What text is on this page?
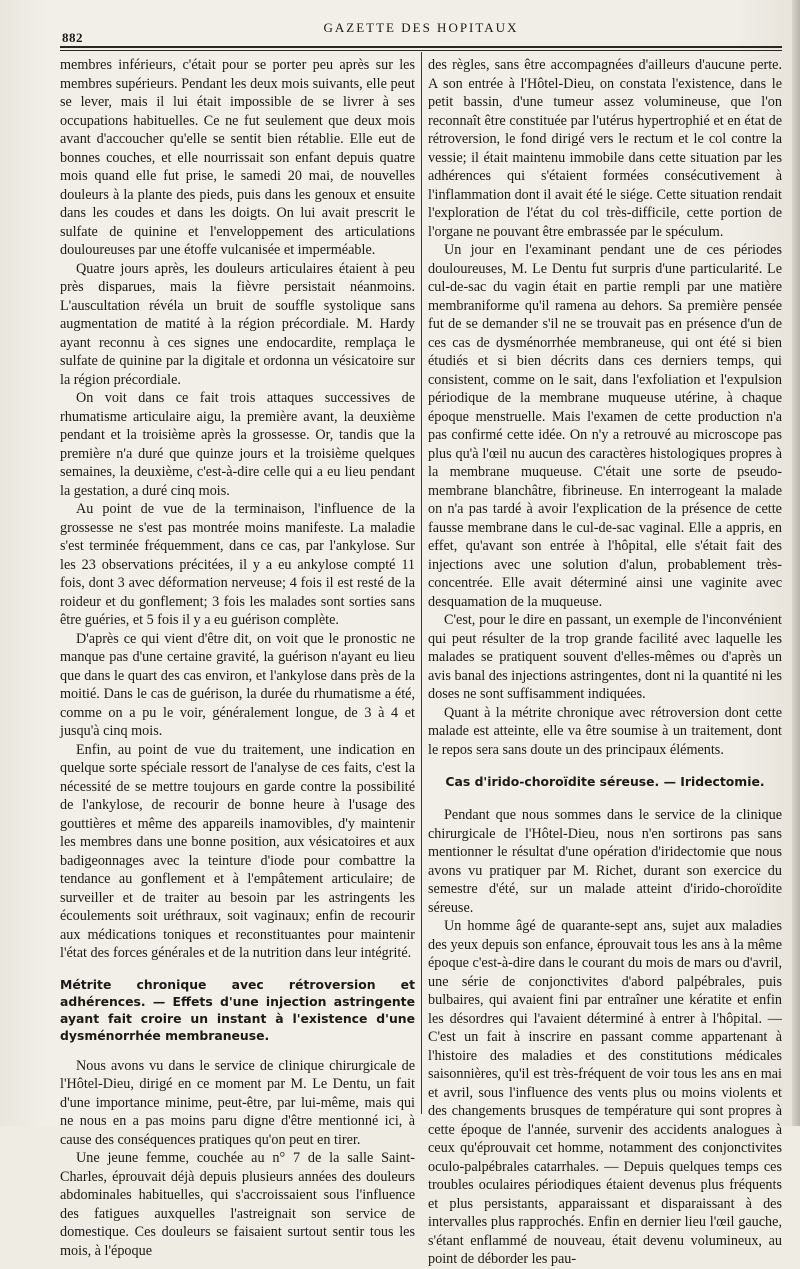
882
GAZETTE DES HOPITAUX

membres inférieurs, c'était pour se porter peu après sur les membres supérieurs. Pendant les deux mois suivants, elle peut se lever, mais il lui était impossible de se livrer à ses occupations habituelles. Ce ne fut seulement que deux mois avant d'accoucher qu'elle se sentit bien rétablie. Elle eut de bonnes couches, et elle nourrissait son enfant depuis quatre mois quand elle fut prise, le samedi 20 mai, de nouvelles douleurs à la plante des pieds, puis dans les genoux et ensuite dans les coudes et dans les doigts. On lui avait prescrit le sulfate de quinine et l'enveloppement des articulations douloureuses par une étoffe vulcanisée et imperméable.

Quatre jours après, les douleurs articulaires étaient à peu près disparues, mais la fièvre persistait néanmoins. L'auscultation révéla un bruit de souffle systolique sans augmentation de matité à la région précordiale. M. Hardy ayant reconnu à ces signes une endocardite, remplaça le sulfate de quinine par la digitale et ordonna un vésicatoire sur la région précordiale.

On voit dans ce fait trois attaques successives de rhumatisme articulaire aigu, la première avant, la deuxième pendant et la troisième après la grossesse. Or, tandis que la première n'a duré que quinze jours et la troisième quelques semaines, la deuxième, c'est-à-dire celle qui a eu lieu pendant la gestation, a duré cinq mois.

Au point de vue de la terminaison, l'influence de la grossesse ne s'est pas montrée moins manifeste. La maladie s'est terminée fréquemment, dans ce cas, par l'ankylose. Sur les 23 observations précitées, il y a eu ankylose compté 11 fois, dont 3 avec déformation nerveuse; 4 fois il est resté de la roideur et du gonflement; 3 fois les malades sont sorties sans être guéries, et 5 fois il y a eu guérison complète.

D'après ce qui vient d'être dit, on voit que le pronostic ne manque pas d'une certaine gravité, la guérison n'ayant eu lieu que dans le quart des cas environ, et l'ankylose dans près de la moitié. Dans le cas de guérison, la durée du rhumatisme a été, comme on a pu le voir, généralement longue, de 3 à 4 et jusqu'à cinq mois.

Enfin, au point de vue du traitement, une indication en quelque sorte spéciale ressort de l'analyse de ces faits, c'est la nécessité de se mettre toujours en garde contre la possibilité de l'ankylose, de recourir de bonne heure à l'usage des gouttières et même des appareils inamovibles, d'y maintenir les membres dans une bonne position, aux vésicatoires et aux badigeonnages avec la teinture d'iode pour combattre la tendance au gonflement et à l'empâtement articulaire; de surveiller et de traiter au besoin par les astringents les écoulements soit uréthraux, soit vaginaux; enfin de recourir aux médications toniques et reconstituantes pour maintenir l'état des forces générales et de la nutrition dans leur intégrité.

Métrite chronique avec rétroversion et adhérences. — Effets d'une injection astringente ayant fait croire un instant à l'existence d'une dysménorrhée membraneuse.

Nous avons vu dans le service de clinique chirurgicale de l'Hôtel-Dieu, dirigé en ce moment par M. Le Dentu, un fait d'une importance minime, peut-être, par lui-même, mais qui ne nous en a pas moins paru digne d'être mentionné ici, à cause des conséquences pratiques qu'on peut en tirer.

Une jeune femme, couchée au n° 7 de la salle Saint-Charles, éprouvait déjà depuis plusieurs années des douleurs abdominales habituelles, qui s'accroissaient sous l'influence des fatigues auxquelles l'astreignait son service de domestique. Ces douleurs se faisaient surtout sentir tous les mois, à l'époque

des règles, sans être accompagnées d'ailleurs d'aucune perte. A son entrée à l'Hôtel-Dieu, on constata l'existence, dans le petit bassin, d'une tumeur assez volumineuse, que l'on reconnaît être constituée par l'utérus hypertrophié et en état de rétroversion, le fond dirigé vers le rectum et le col contre la vessie; il était maintenu immobile dans cette situation par les adhérences qui s'étaient formées consécutivement à l'inflammation dont il avait été le siége. Cette situation rendait l'exploration de l'état du col très-difficile, cette portion de l'organe ne pouvant être embrassée par le spéculum.

Un jour en l'examinant pendant une de ces périodes douloureuses, M. Le Dentu fut surpris d'une particularité. Le cul-de-sac du vagin était en partie rempli par une matière membraniforme qu'il ramena au dehors. Sa première pensée fut de se demander s'il ne se trouvait pas en présence d'un de ces cas de dysménorrhée membraneuse, qui ont été si bien étudiés et si bien décrits dans ces derniers temps, qui consistent, comme on le sait, dans l'exfoliation et l'expulsion périodique de la membrane muqueuse utérine, à chaque époque menstruelle. Mais l'examen de cette production n'a pas confirmé cette idée. On n'y a retrouvé au microscope pas plus qu'à l'œil nu aucun des caractères histologiques propres à la membrane muqueuse. C'était une sorte de pseudo-membrane blanchâtre, fibrineuse. En interrogeant la malade on n'a pas tardé à avoir l'explication de la présence de cette fausse membrane dans le cul-de-sac vaginal. Elle a appris, en effet, qu'avant son entrée à l'hôpital, elle s'était fait des injections avec une solution d'alun, probablement très-concentrée. Elle avait déterminé ainsi une vaginite avec desquamation de la muqueuse.

C'est, pour le dire en passant, un exemple de l'inconvénient qui peut résulter de la trop grande facilité avec laquelle les malades se pratiquent souvent d'elles-mêmes ou d'après un avis banal des injections astringentes, dont ni la quantité ni les doses ne sont suffisamment indiquées.

Quant à la métrite chronique avec rétroversion dont cette malade est atteinte, elle va être soumise à un traitement, dont le repos sera sans doute un des principaux éléments.

Cas d'irido-choroïdite séreuse. — Iridectomie.

Pendant que nous sommes dans le service de la clinique chirurgicale de l'Hôtel-Dieu, nous n'en sortirons pas sans mentionner le résultat d'une opération d'iridectomie que nous avons vu pratiquer par M. Richet, durant son exercice du semestre d'été, sur un malade atteint d'irido-choroïdite séreuse.

Un homme âgé de quarante-sept ans, sujet aux maladies des yeux depuis son enfance, éprouvait tous les ans à la même époque c'est-à-dire dans le courant du mois de mars ou d'avril, une série de conjonctivites d'abord palpébrales, puis bulbaires, qui avaient fini par entraîner une kératite et enfin les désordres qui l'avaient déterminé à entrer à l'hôpital. — C'est un fait à inscrire en passant comme appartenant à l'histoire des maladies et des constitutions médicales saisonnières, qu'il est très-fréquent de voir tous les ans en mai et avril, sous l'influence des vents plus ou moins violents et des changements brusques de température qui sont propres à cette époque de l'année, survenir des accidents analogues à ceux qu'éprouvait cet homme, notamment des conjonctivites oculo-palpébrales catarrhales. — Depuis quelques temps ces troubles oculaires périodiques étaient devenus plus fréquents et plus persistants, apparaissant et disparaissant à des intervalles plus rapprochés. Enfin en dernier lieu l'œil gauche, s'étant enflammé de nouveau, était devenu volumineux, au point de déborder les pau-
